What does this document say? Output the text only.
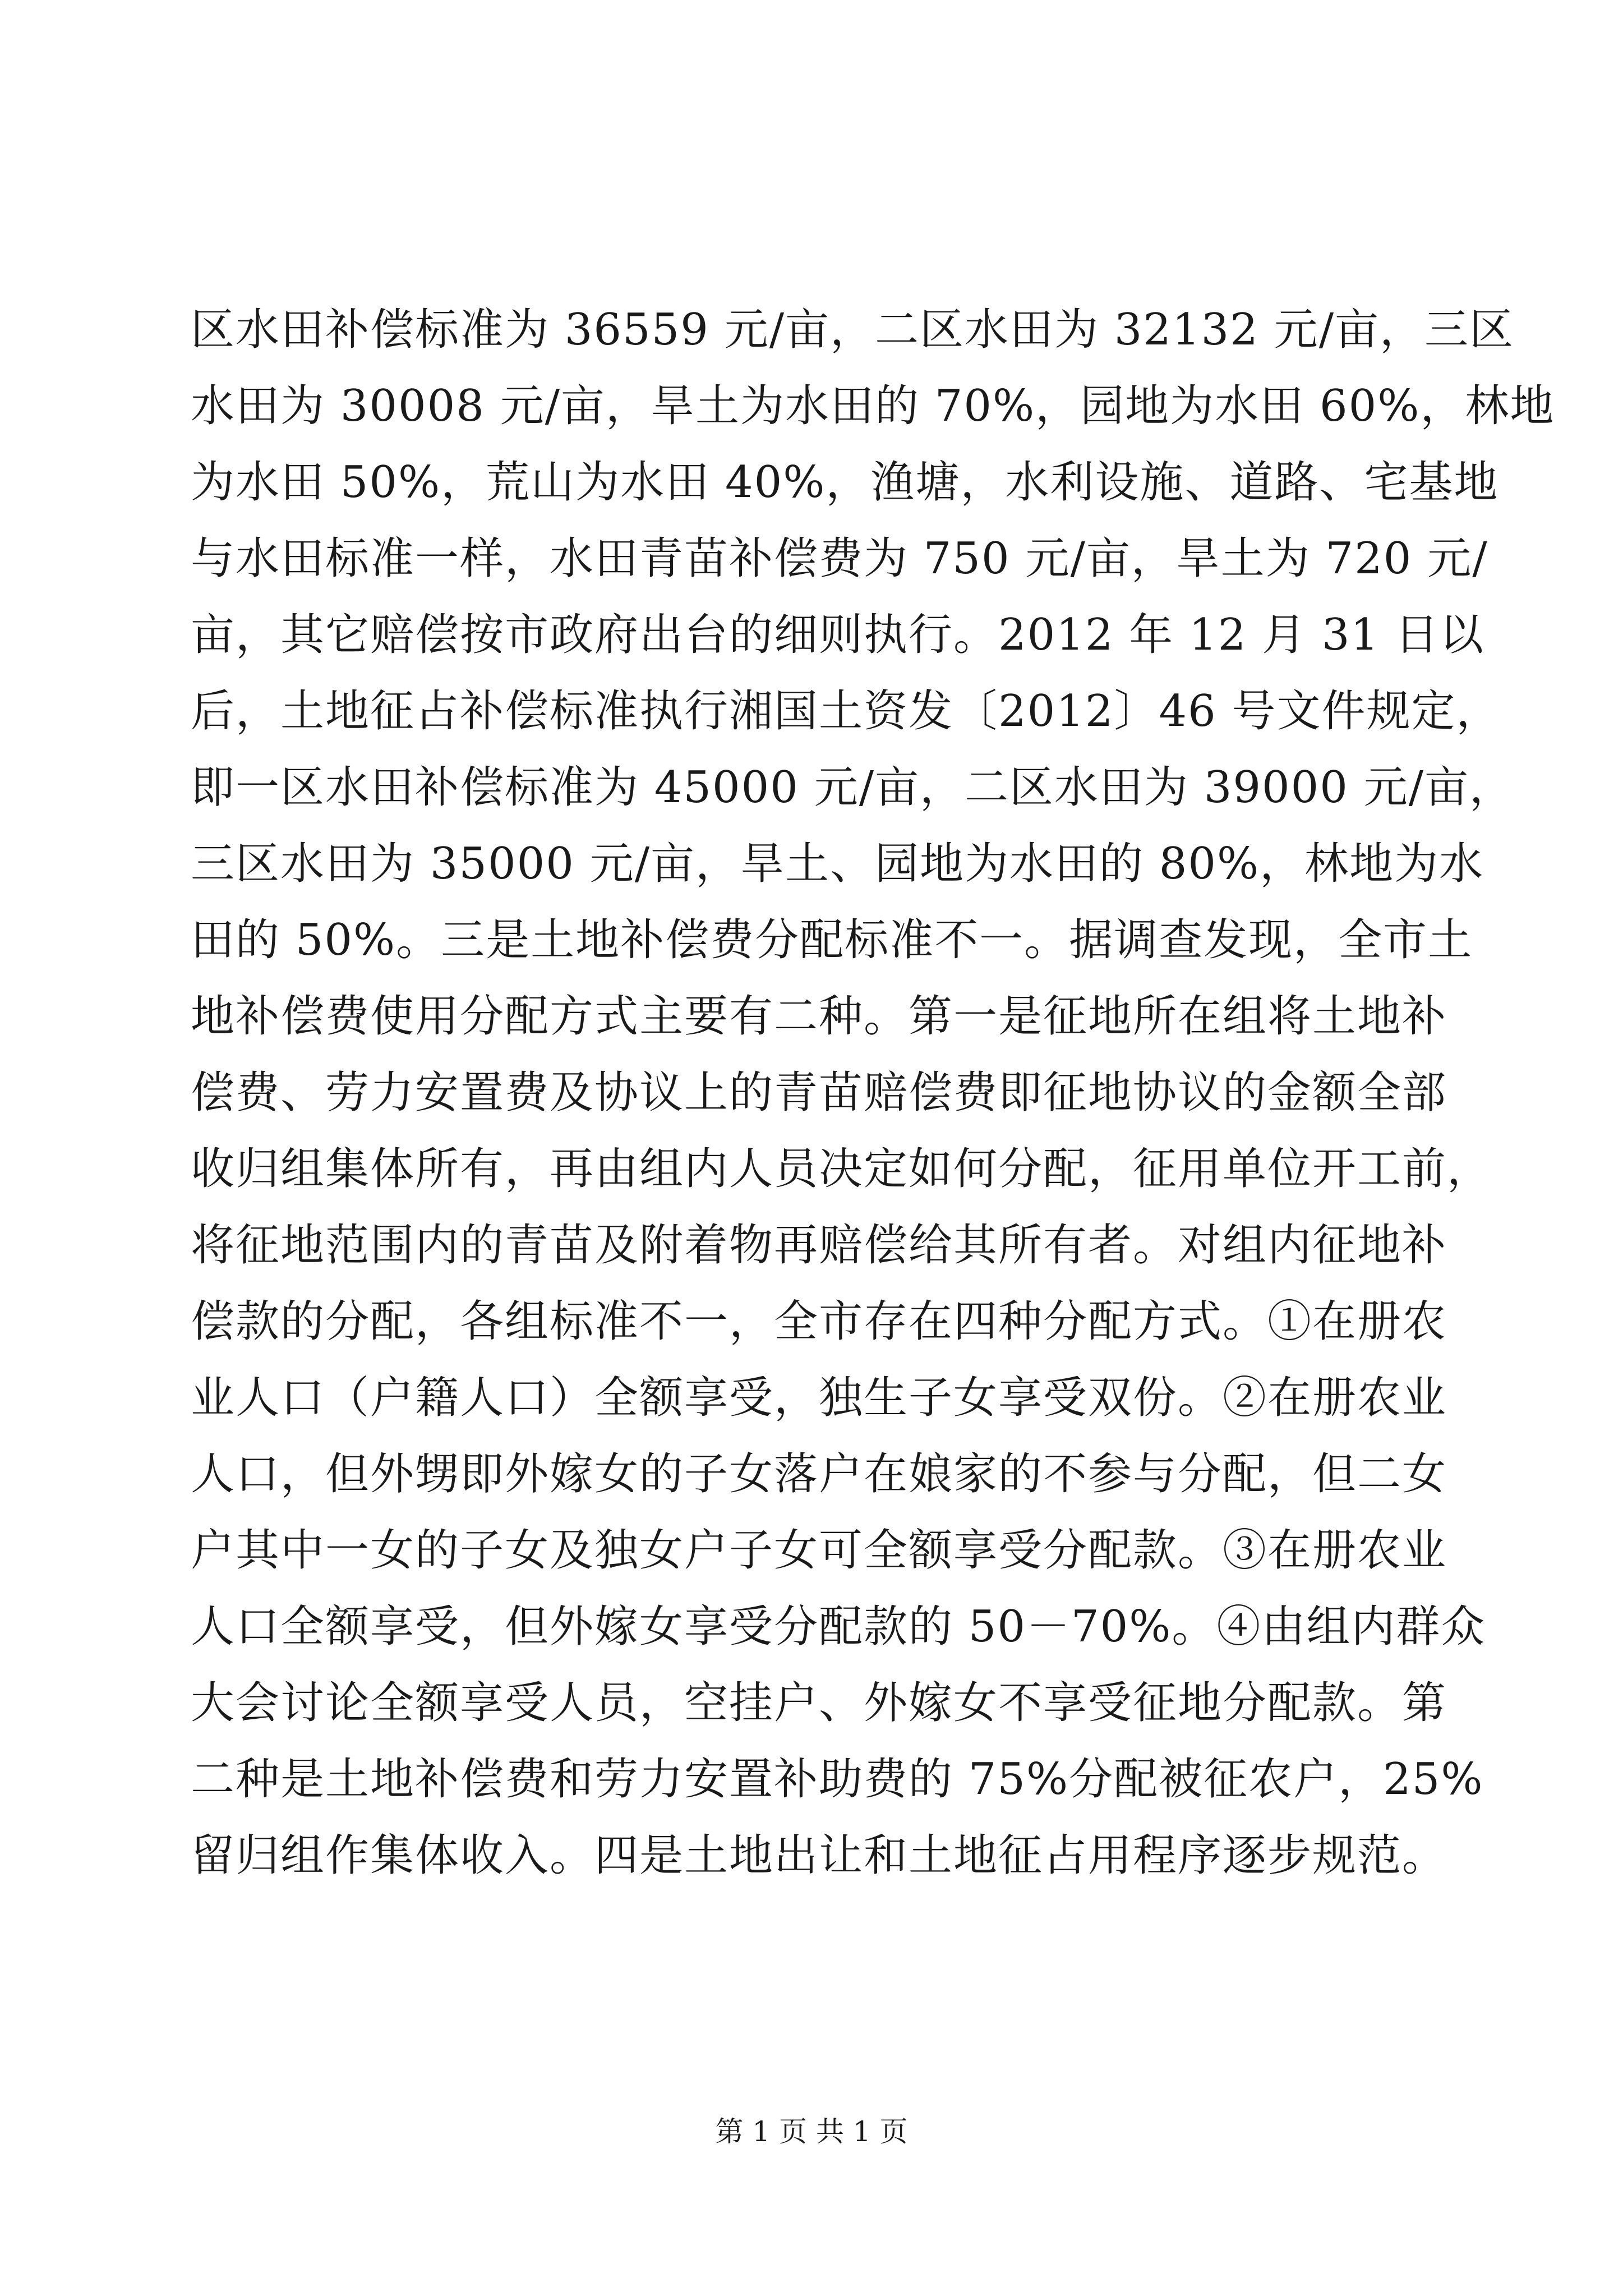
区水田补偿标准为 36559 元/亩，二区水田为 32132 元/亩，三区
水田为 30008 元/亩，旱土为水田的 70%，园地为水田 60%，林地
为水田 50%，荒山为水田 40%，渔塘，水利设施、道路、宅基地
与水田标准一样，水田青苗补偿费为 750 元/亩，旱土为 720 元/
亩，其它赔偿按市政府出台的细则执行。2012 年 12 月 31 日以
后，土地征占补偿标准执行湘国土资发〔2012〕46 号文件规定，
即一区水田补偿标准为 45000 元/亩，二区水田为 39000 元/亩，
三区水田为 35000 元/亩，旱土、园地为水田的 80%，林地为水
田的 50%。三是土地补偿费分配标准不一。据调查发现，全市土
地补偿费使用分配方式主要有二种。第一是征地所在组将土地补
偿费、劳力安置费及协议上的青苗赔偿费即征地协议的金额全部
收归组集体所有，再由组内人员决定如何分配，征用单位开工前，
将征地范围内的青苗及附着物再赔偿给其所有者。对组内征地补
偿款的分配，各组标准不一，全市存在四种分配方式。①在册农
业人口（户籍人口）全额享受，独生子女享受双份。②在册农业
人口，但外甥即外嫁女的子女落户在娘家的不参与分配，但二女
户其中一女的子女及独女户子女可全额享受分配款。③在册农业
人口全额享受，但外嫁女享受分配款的 50－70%。④由组内群众
大会讨论全额享受人员，空挂户、外嫁女不享受征地分配款。第
二种是土地补偿费和劳力安置补助费的 75%分配被征农户，25%
留归组作集体收入。四是土地出让和土地征占用程序逐步规范。
第 1 页 共 1 页
